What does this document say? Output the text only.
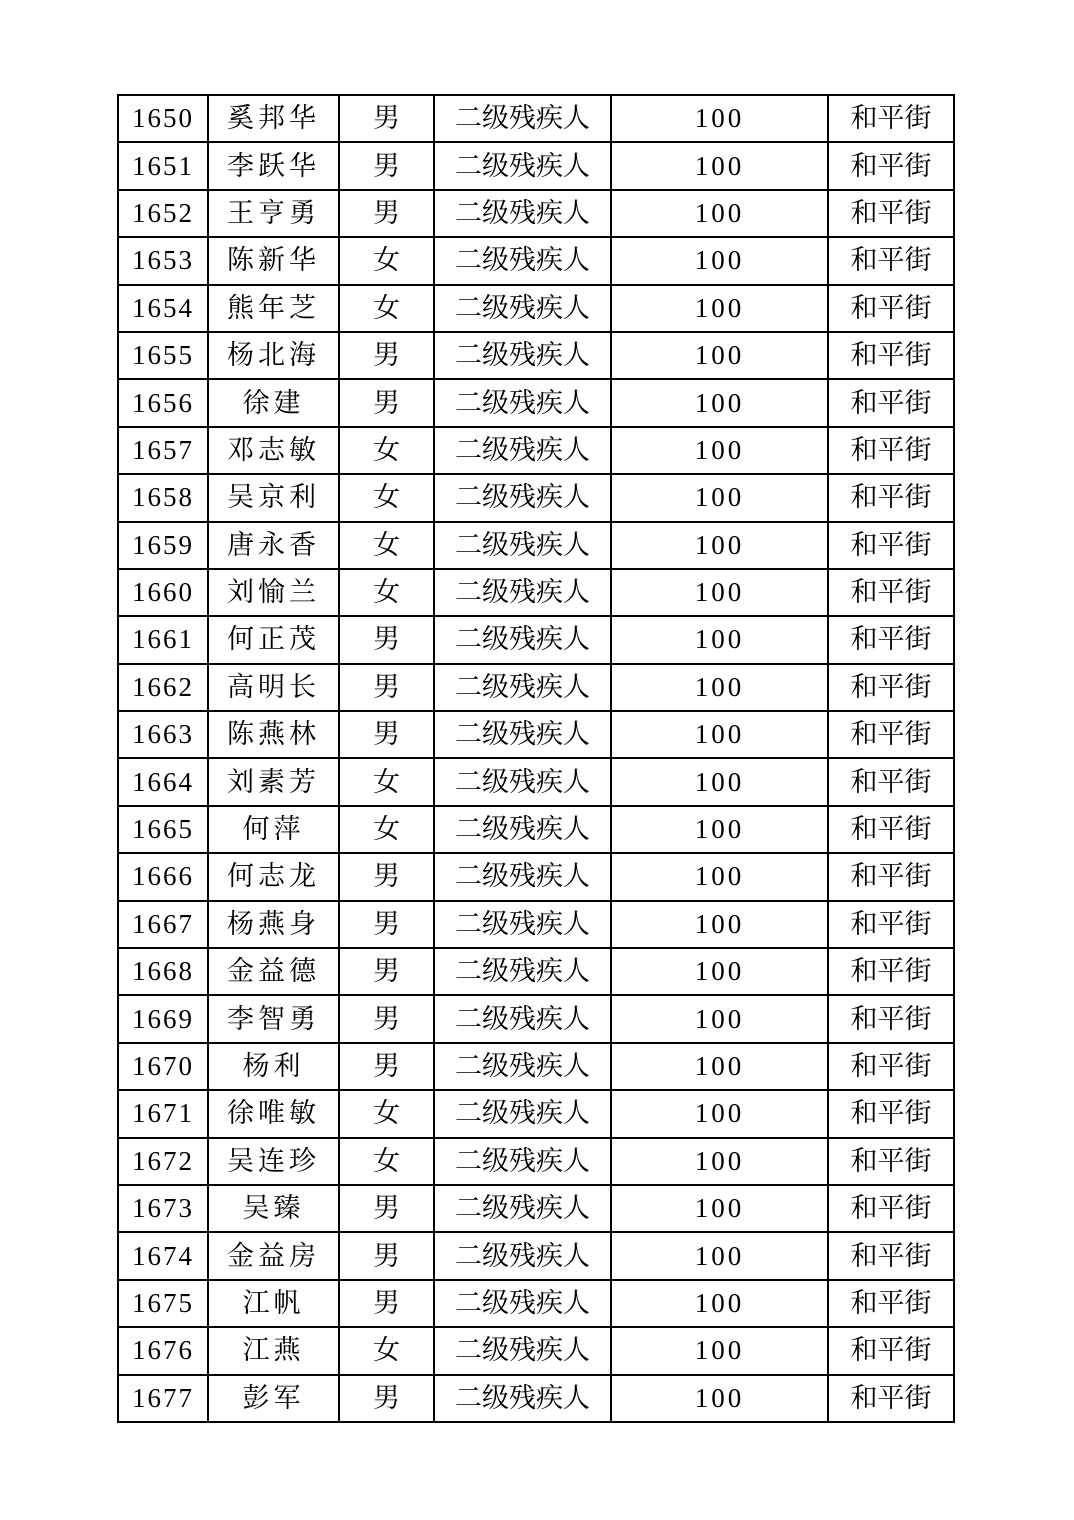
1650	奚邦华	男	二级残疾人	100	和平街
1651	李跃华	男	二级残疾人	100	和平街
1652	王亨勇	男	二级残疾人	100	和平街
1653	陈新华	女	二级残疾人	100	和平街
1654	熊年芝	女	二级残疾人	100	和平街
1655	杨北海	男	二级残疾人	100	和平街
1656	徐建	男	二级残疾人	100	和平街
1657	邓志敏	女	二级残疾人	100	和平街
1658	吴京利	女	二级残疾人	100	和平街
1659	唐永香	女	二级残疾人	100	和平街
1660	刘愉兰	女	二级残疾人	100	和平街
1661	何正茂	男	二级残疾人	100	和平街
1662	高明长	男	二级残疾人	100	和平街
1663	陈燕林	男	二级残疾人	100	和平街
1664	刘素芳	女	二级残疾人	100	和平街
1665	何萍	女	二级残疾人	100	和平街
1666	何志龙	男	二级残疾人	100	和平街
1667	杨燕身	男	二级残疾人	100	和平街
1668	金益德	男	二级残疾人	100	和平街
1669	李智勇	男	二级残疾人	100	和平街
1670	杨利	男	二级残疾人	100	和平街
1671	徐唯敏	女	二级残疾人	100	和平街
1672	吴连珍	女	二级残疾人	100	和平街
1673	吴臻	男	二级残疾人	100	和平街
1674	金益房	男	二级残疾人	100	和平街
1675	江帆	男	二级残疾人	100	和平街
1676	江燕	女	二级残疾人	100	和平街
1677	彭军	男	二级残疾人	100	和平街
